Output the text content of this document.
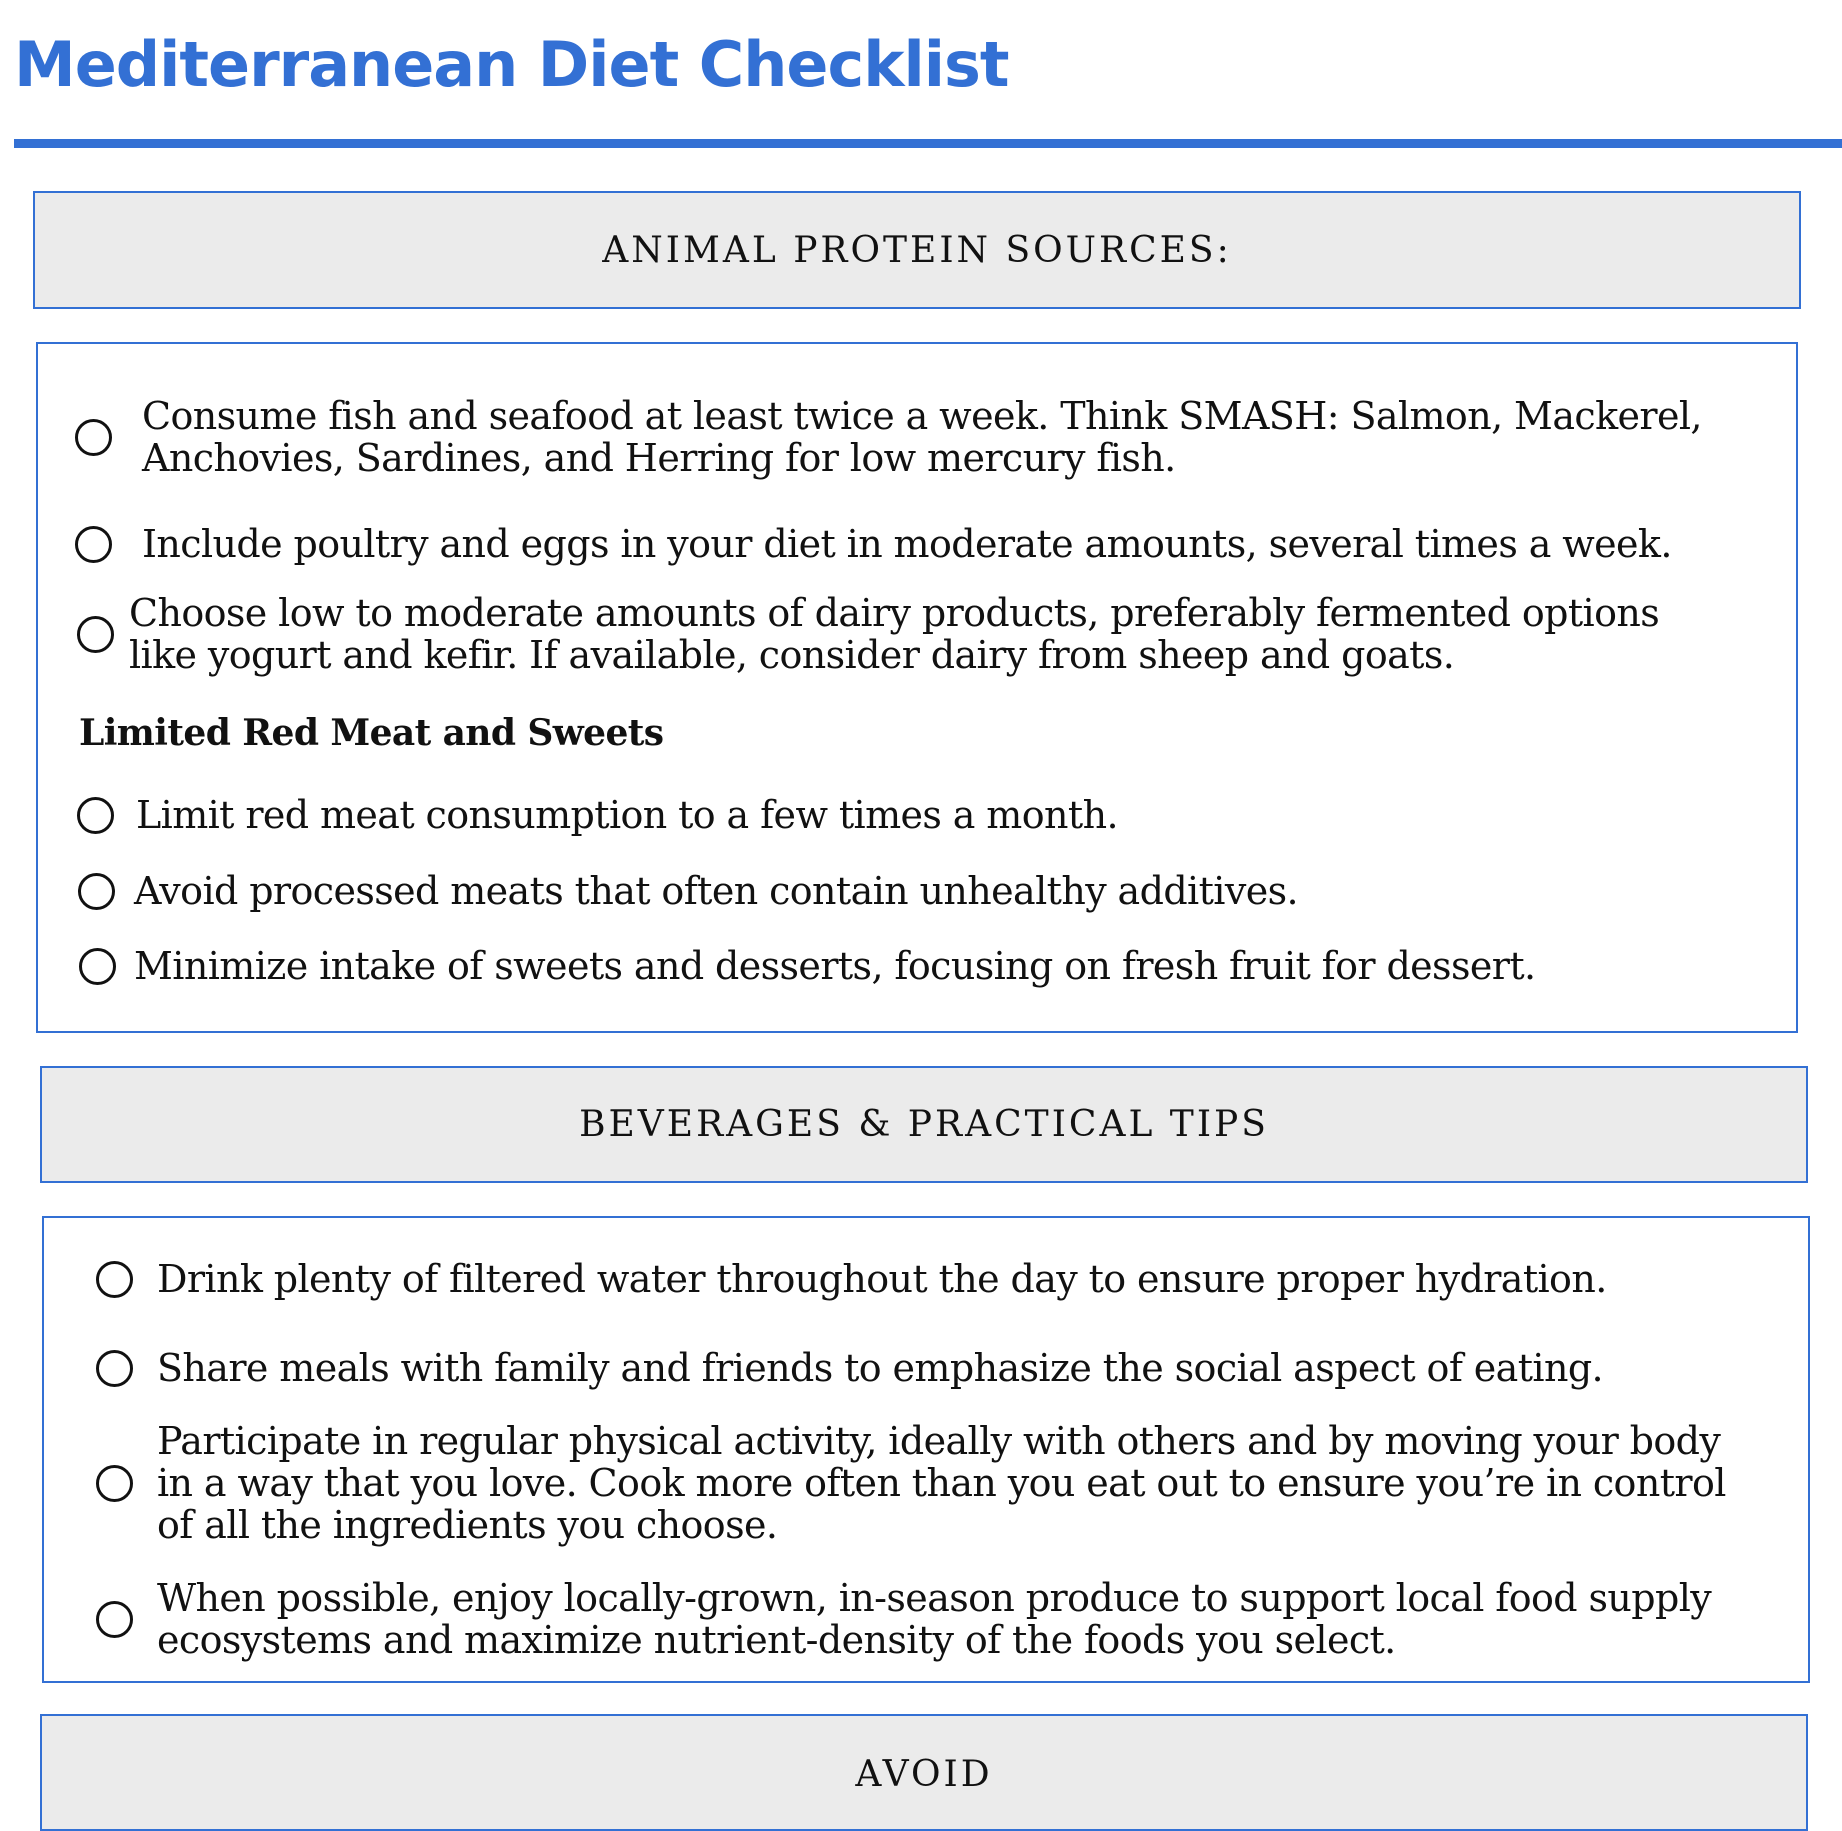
Mediterranean Diet Checklist
ANIMAL PROTEIN SOURCES:
Consume fish and seafood at least twice a week. Think SMASH: Salmon, Mackerel, Anchovies, Sardines, and Herring for low mercury fish.
Include poultry and eggs in your diet in moderate amounts, several times a week.
Choose low to moderate amounts of dairy products, preferably fermented options like yogurt and kefir. If available, consider dairy from sheep and goats.
Limited Red Meat and Sweets
Limit red meat consumption to a few times a month.
Avoid processed meats that often contain unhealthy additives.
Minimize intake of sweets and desserts, focusing on fresh fruit for dessert.
BEVERAGES & PRACTICAL TIPS
Drink plenty of filtered water throughout the day to ensure proper hydration.
Share meals with family and friends to emphasize the social aspect of eating.
Participate in regular physical activity, ideally with others and by moving your body in a way that you love. Cook more often than you eat out to ensure you’re in control of all the ingredients you choose.
When possible, enjoy locally-grown, in-season produce to support local food supply ecosystems and maximize nutrient-density of the foods you select.
AVOID
